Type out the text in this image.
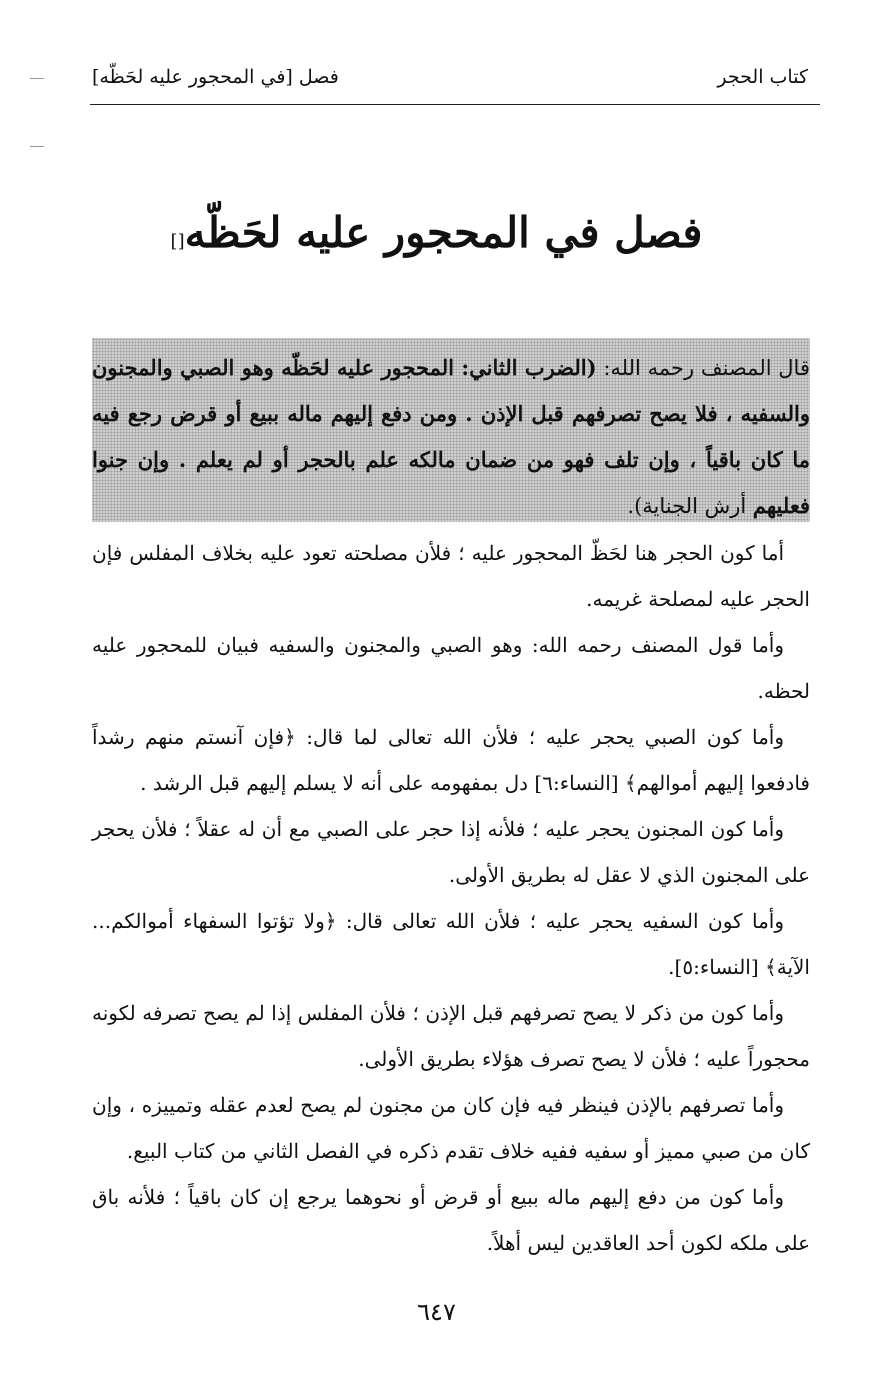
كتاب الحجر
فصل [في المحجور عليه لحَظّه]
فصل في المحجور عليه لحَظّه[]
قال المصنف رحمه الله: (الضرب الثاني: المحجور عليه لحَظّه وهو الصبي والمجنون والسفيه ، فلا يصح تصرفهم قبل الإذن . ومن دفع إليهم ماله ببيع أو قرض رجع فيه ما كان باقياً ، وإن تلف فهو من ضمان مالكه علم بالحجر أو لم يعلم . وإن جنوا فعليهم أرش الجناية).

أما كون الحجر هنا لحَظّ المحجور عليه ؛ فلأن مصلحته تعود عليه بخلاف المفلس فإن الحجر عليه لمصلحة غريمه.

وأما قول المصنف رحمه الله: وهو الصبي والمجنون والسفيه فبيان للمحجور عليه لحظه.

وأما كون الصبي يحجر عليه ؛ فلأن الله تعالى لما قال: ﴿فإن آنستم منهم رشداً فادفعوا إليهم أموالهم﴾ [النساء:٦] دل بمفهومه على أنه لا يسلم إليهم قبل الرشد .

وأما كون المجنون يحجر عليه ؛ فلأنه إذا حجر على الصبي مع أن له عقلاً ؛ فلأن يحجر على المجنون الذي لا عقل له بطريق الأولى.

وأما كون السفيه يحجر عليه ؛ فلأن الله تعالى قال: ﴿ولا تؤتوا السفهاء أموالكم... الآية﴾ [النساء:٥].

وأما كون من ذكر لا يصح تصرفهم قبل الإذن ؛ فلأن المفلس إذا لم يصح تصرفه لكونه محجوراً عليه ؛ فلأن لا يصح تصرف هؤلاء بطريق الأولى.

وأما تصرفهم بالإذن فينظر فيه فإن كان من مجنون لم يصح لعدم عقله وتمييزه ، وإن كان من صبي مميز أو سفيه ففيه خلاف تقدم ذكره في الفصل الثاني من كتاب البيع.

وأما كون من دفع إليهم ماله ببيع أو قرض أو نحوهما يرجع إن كان باقياً ؛ فلأنه باق على ملكه لكون أحد العاقدين ليس أهلاً.

٦٤٧
